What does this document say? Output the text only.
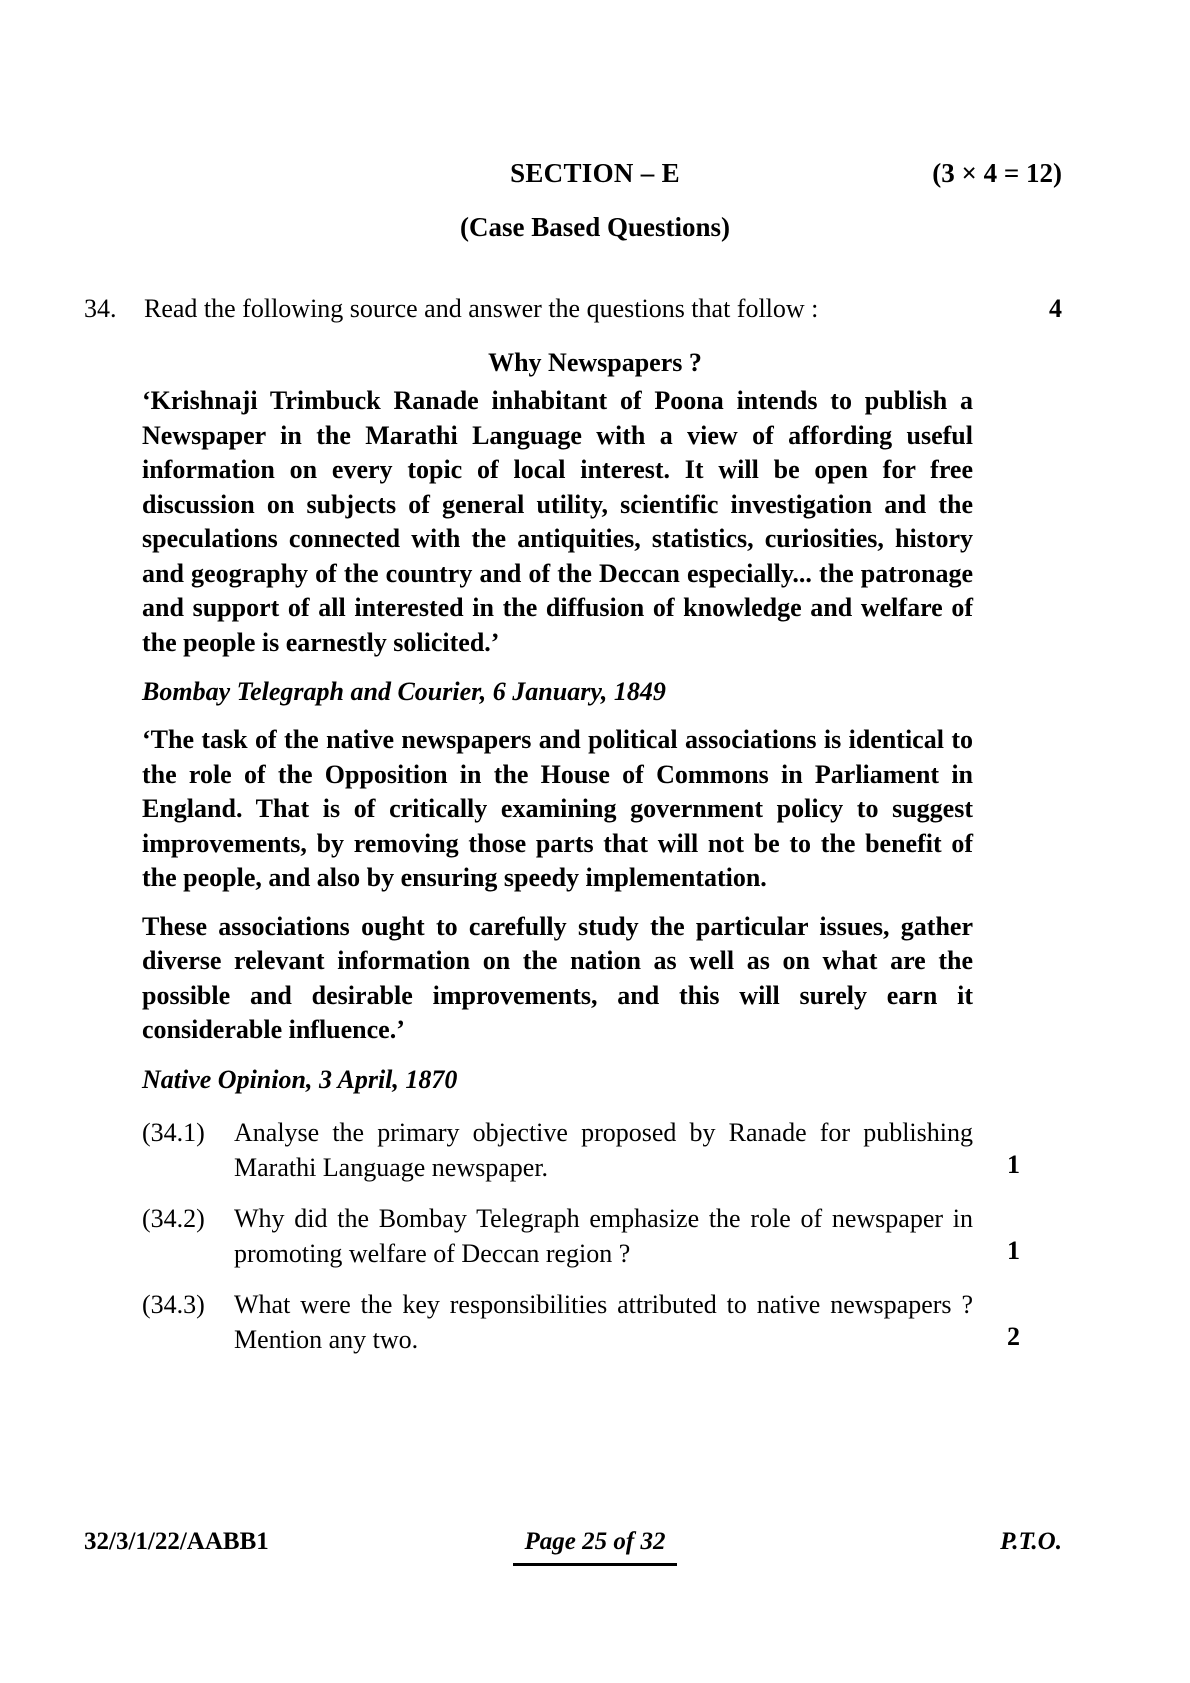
SECTION – E	(3 × 4 = 12)
(Case Based Questions)
34. Read the following source and answer the questions that follow :	4
Why Newspapers ?

‘Krishnaji Trimbuck Ranade inhabitant of Poona intends to publish a Newspaper in the Marathi Language with a view of affording useful information on every topic of local interest. It will be open for free discussion on subjects of general utility, scientific investigation and the speculations connected with the antiquities, statistics, curiosities, history and geography of the country and of the Deccan especially... the patronage and support of all interested in the diffusion of knowledge and welfare of the people is earnestly solicited.’

Bombay Telegraph and Courier, 6 January, 1849

‘The task of the native newspapers and political associations is identical to the role of the Opposition in the House of Commons in Parliament in England. That is of critically examining government policy to suggest improvements, by removing those parts that will not be to the benefit of the people, and also by ensuring speedy implementation.

These associations ought to carefully study the particular issues, gather diverse relevant information on the nation as well as on what are the possible and desirable improvements, and this will surely earn it considerable influence.’

Native Opinion, 3 April, 1870

(34.1)	Analyse the primary objective proposed by Ranade for publishing Marathi Language newspaper.	1
(34.2)	Why did the Bombay Telegraph emphasize the role of newspaper in promoting welfare of Deccan region ?	1
(34.3)	What were the key responsibilities attributed to native newspapers ? Mention any two.	2
32/3/1/22/AABB1	Page 25 of 32	P.T.O.
